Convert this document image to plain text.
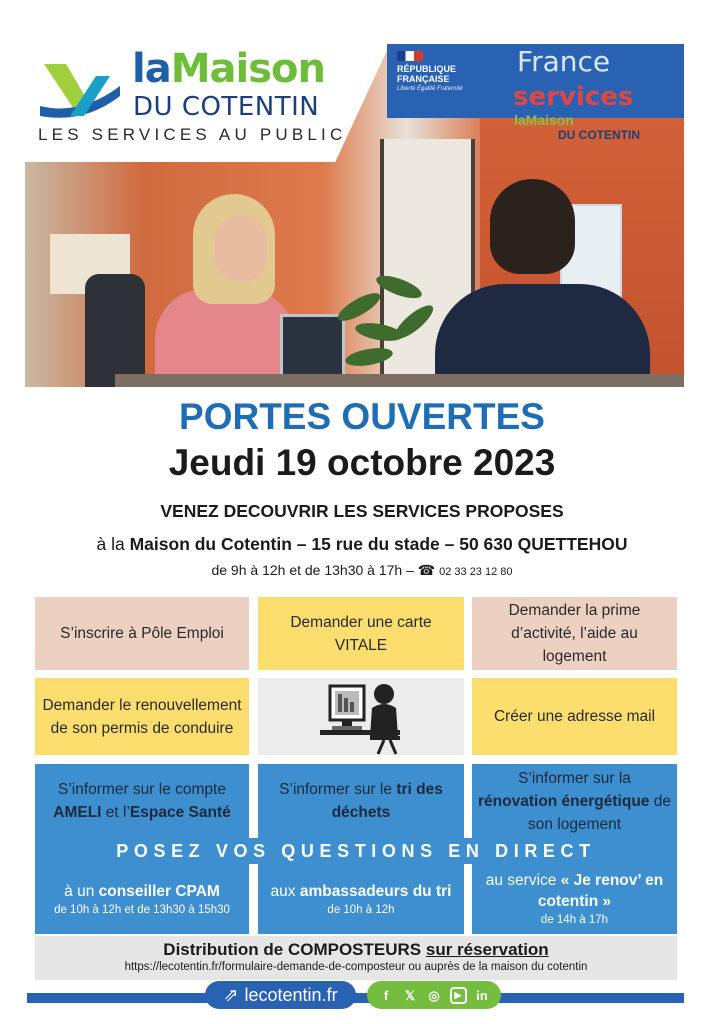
laMaison
DU COTENTIN
LES SERVICES AU PUBLIC
RÉPUBLIQUE FRANÇAISE
Liberté Égalité Fraternité
France
services
laMaison
DU COTENTIN
PORTES OUVERTES
Jeudi 19 octobre 2023
VENEZ DECOUVRIR LES SERVICES PROPOSES
à la Maison du Cotentin – 15 rue du stade – 50 630 QUETTEHOU
de 9h à 12h et de 13h30 à 17h – ☎ 02 33 23 12 80
S’inscrire à Pôle Emploi
Demander une carte VITALE
Demander la prime d’activité, l’aide au logement
Demander le renouvellement de son permis de conduire
Créer une adresse mail
S’informer sur le compte AMELI et l’Espace Santé
S’informer sur le tri des déchets
S’informer sur la rénovation énergétique de son logement
POSEZ VOS QUESTIONS EN DIRECT
à un conseiller CPAM
de 10h à 12h et de 13h30 à 15h30
aux ambassadeurs du tri
de 10h à 12h
au service « Je renov’ en cotentin »
de 14h à 17h
Distribution de COMPOSTEURS sur réservation
https://lecotentin.fr/formulaire-demande-de-composteur ou auprès de la maison du cotentin
⇗ lecotentin.fr	f	𝕏 ◎	▶	in
